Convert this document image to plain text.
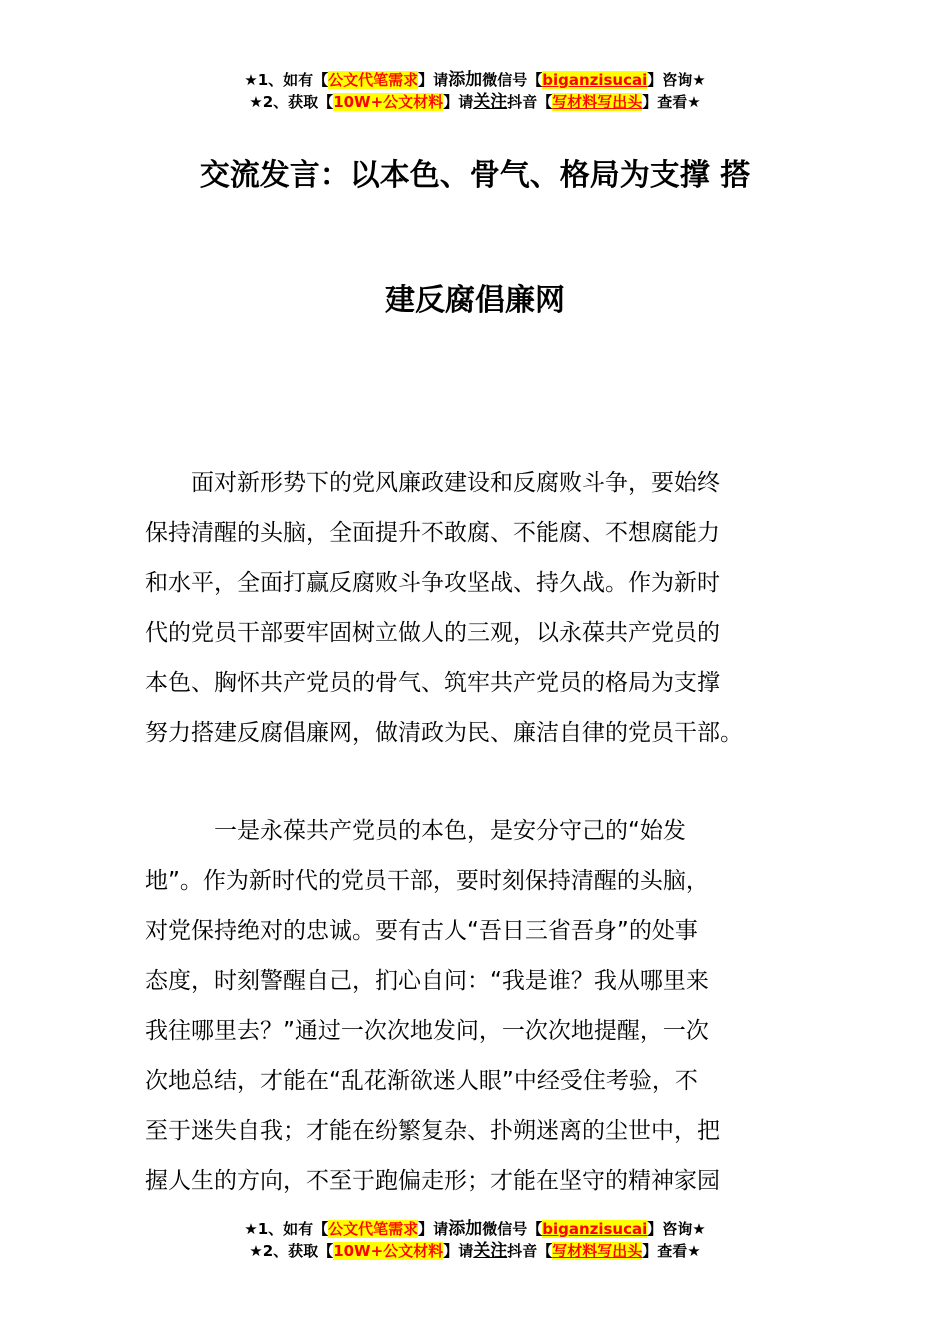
★1、如有【公文代笔需求】请添加微信号【biganzisucai】咨询★
★2、获取【10W+公文材料】请关注抖音【写材料写出头】查看★
交流发言：以本色、骨气、格局为支撑 搭
建反腐倡廉网
　　面对新形势下的党风廉政建设和反腐败斗争，要始终
保持清醒的头脑，全面提升不敢腐、不能腐、不想腐能力
和水平，全面打赢反腐败斗争攻坚战、持久战。作为新时
代的党员干部要牢固树立做人的三观，以永葆共产党员的
本色、胸怀共产党员的骨气、筑牢共产党员的格局为支撑
努力搭建反腐倡廉网，做清政为民、廉洁自律的党员干部。
　　　一是永葆共产党员的本色，是安分守己的“始发
地”。作为新时代的党员干部，要时刻保持清醒的头脑，
对党保持绝对的忠诚。要有古人“吾日三省吾身”的处事
态度，时刻警醒自己，扪心自问：“我是谁？我从哪里来
我往哪里去？”通过一次次地发问，一次次地提醒，一次
次地总结，才能在“乱花渐欲迷人眼”中经受住考验，不
至于迷失自我；才能在纷繁复杂、扑朔迷离的尘世中，把
握人生的方向，不至于跑偏走形；才能在坚守的精神家园
★1、如有【公文代笔需求】请添加微信号【biganzisucai】咨询★
★2、获取【10W+公文材料】请关注抖音【写材料写出头】查看★
